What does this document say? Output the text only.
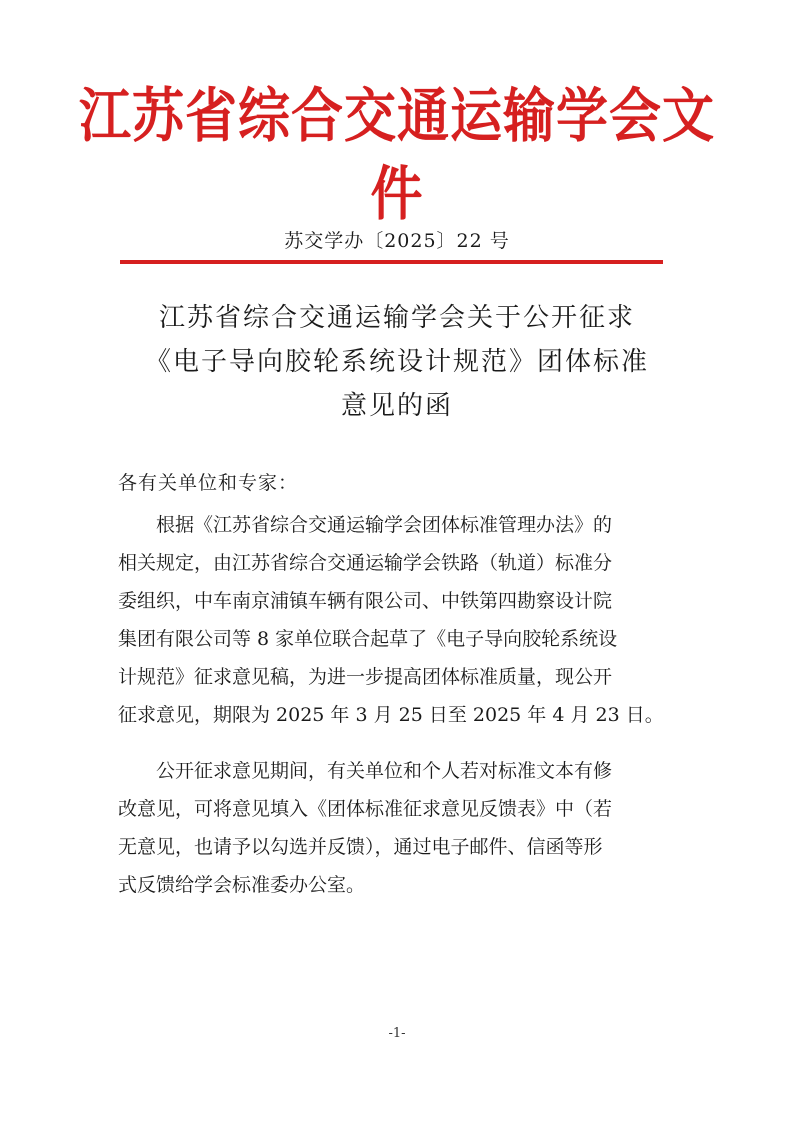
江苏省综合交通运输学会文件
苏交学办〔2025〕22 号
江苏省综合交通运输学会关于公开征求
《电子导向胶轮系统设计规范》团体标准
意见的函
各有关单位和专家：
　　根据《江苏省综合交通运输学会团体标准管理办法》的
相关规定，由江苏省综合交通运输学会铁路（轨道）标准分
委组织，中车南京浦镇车辆有限公司、中铁第四勘察设计院
集团有限公司等 8 家单位联合起草了《电子导向胶轮系统设
计规范》征求意见稿，为进一步提高团体标准质量，现公开
征求意见，期限为 2025 年 3 月 25 日至 2025 年 4 月 23 日。
　　公开征求意见期间，有关单位和个人若对标准文本有修
改意见，可将意见填入《团体标准征求意见反馈表》中（若
无意见，也请予以勾选并反馈），通过电子邮件、信函等形
式反馈给学会标准委办公室。
-1-
